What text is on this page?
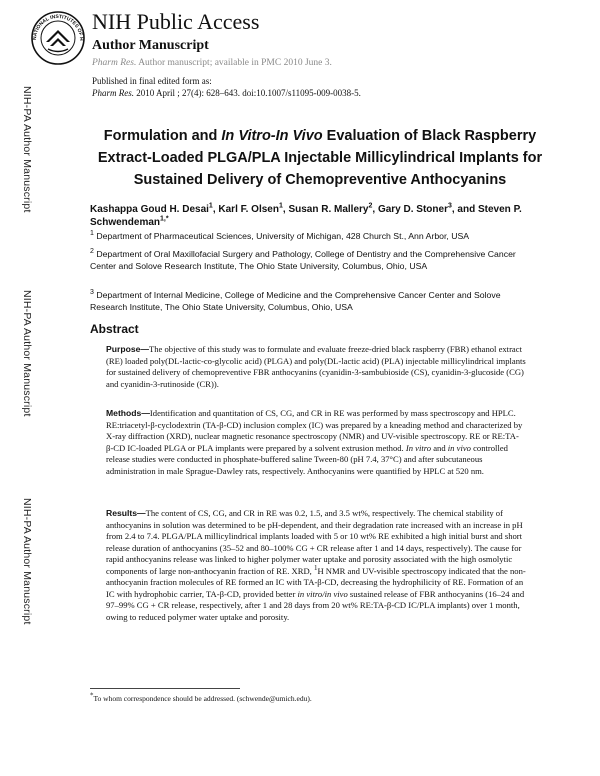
NATIONAL INSTITUTES OF H
NIH Public Access
Author Manuscript
Pharm Res. Author manuscript; available in PMC 2010 June 3.
Published in final edited form as:
Pharm Res. 2010 April ; 27(4): 628–643. doi:10.1007/s11095-009-0038-5.
NIH-PA Author Manuscript
NIH-PA Author Manuscript
NIH-PA Author Manuscript
Formulation and In Vitro-In Vivo Evaluation of Black Raspberry Extract-Loaded PLGA/PLA Injectable Millicylindrical Implants for Sustained Delivery of Chemopreventive Anthocyanins
Kashappa Goud H. Desai$^1$, Karl F. Olsen$^1$, Susan R. Mallery$^2$, Gary D. Stoner$^3$, and Steven P. Schwendeman$^{1,*}$
$^1$ Department of Pharmaceutical Sciences, University of Michigan, 428 Church St., Ann Arbor, USA
$^2$ Department of Oral Maxillofacial Surgery and Pathology, College of Dentistry and the Comprehensive Cancer Center and Solove Research Institute, The Ohio State University, Columbus, Ohio, USA
$^3$ Department of Internal Medicine, College of Medicine and the Comprehensive Cancer Center and Solove Research Institute, The Ohio State University, Columbus, Ohio, USA
Abstract
Purpose—The objective of this study was to formulate and evaluate freeze-dried black raspberry (FBR) ethanol extract (RE) loaded poly(DL-lactic-co-glycolic acid) (PLGA) and poly(DL-lactic acid) (PLA) injectable millicylindrical implants for sustained delivery of chemopreventive FBR anthocyanins (cyanidin-3-sambubioside (CS), cyanidin-3-glucoside (CG) and cyanidin-3-rutinoside (CR)).
Methods—Identification and quantitation of CS, CG, and CR in RE was performed by mass spectroscopy and HPLC. RE:triacetyl-β-cyclodextrin (TA-β-CD) inclusion complex (IC) was prepared by a kneading method and characterized by X-ray diffraction (XRD), nuclear magnetic resonance spectroscopy (NMR) and UV-visible spectroscopy. RE or RE:TA-β-CD IC-loaded PLGA or PLA implants were prepared by a solvent extrusion method. In vitro and in vivo controlled release studies were conducted in phosphate-buffered saline Tween-80 (pH 7.4, 37°C) and after subcutaneous administration in male Sprague-Dawley rats, respectively. Anthocyanins were quantified by HPLC at 520 nm.
Results—The content of CS, CG, and CR in RE was 0.2, 1.5, and 3.5 wt%, respectively. The chemical stability of anthocyanins in solution was determined to be pH-dependent, and their degradation rate increased with an increase in pH from 2.4 to 7.4. PLGA/PLA millicylindrical implants loaded with 5 or 10 wt% RE exhibited a high initial burst and short release duration of anthocyanins (35–52 and 80–100% CG + CR release after 1 and 14 days, respectively). The cause for rapid anthocyanins release was linked to higher polymer water uptake and porosity associated with the high osmolytic components of large non-anthocyanin fraction of RE. XRD, $^1$H NMR and UV-visible spectroscopy indicated that the non-anthocyanin fraction molecules of RE formed an IC with TA-β-CD, decreasing the hydrophilicity of RE. Formation of an IC with hydrophobic carrier, TA-β-CD, provided better in vitro/in vivo sustained release of FBR anthocyanins (16–24 and 97–99% CG + CR release, respectively, after 1 and 28 days from 20 wt% RE:TA-β-CD IC/PLA implants) over 1 month, owing to reduced polymer water uptake and porosity.
*To whom correspondence should be addressed. (schwende@umich.edu).
